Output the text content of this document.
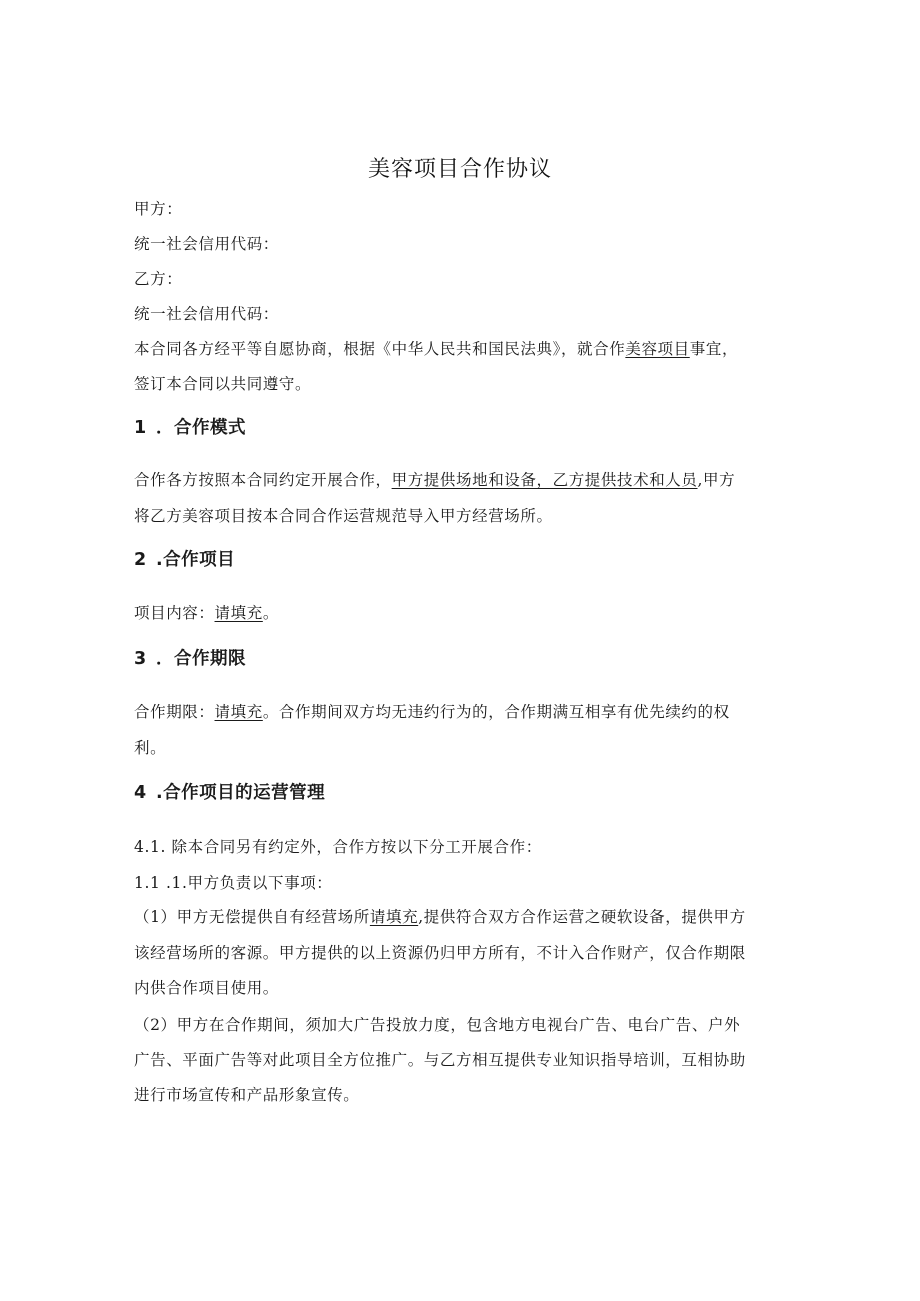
美容项目合作协议
甲方：
统一社会信用代码：
乙方：
统一社会信用代码：
本合同各方经平等自愿协商，根据《中华人民共和国民法典》，就合作美容项目事宜，
签订本合同以共同遵守。
1 ．合作模式
合作各方按照本合同约定开展合作，甲方提供场地和设备，乙方提供技术和人员,甲方
将乙方美容项目按本合同合作运营规范导入甲方经营场所。
2 .合作项目
项目内容：请填充。
3 ．合作期限
合作期限：请填充。合作期间双方均无违约行为的，合作期满互相享有优先续约的权
利。
4 .合作项目的运营管理
4.1. 除本合同另有约定外，合作方按以下分工开展合作：
1.1 .1.甲方负责以下事项：
（1）甲方无偿提供自有经营场所请填充,提供符合双方合作运营之硬软设备，提供甲方
该经营场所的客源。甲方提供的以上资源仍归甲方所有，不计入合作财产，仅合作期限
内供合作项目使用。
（2）甲方在合作期间，须加大广告投放力度，包含地方电视台广告、电台广告、户外
广告、平面广告等对此项目全方位推广。与乙方相互提供专业知识指导培训，互相协助
进行市场宣传和产品形象宣传。
